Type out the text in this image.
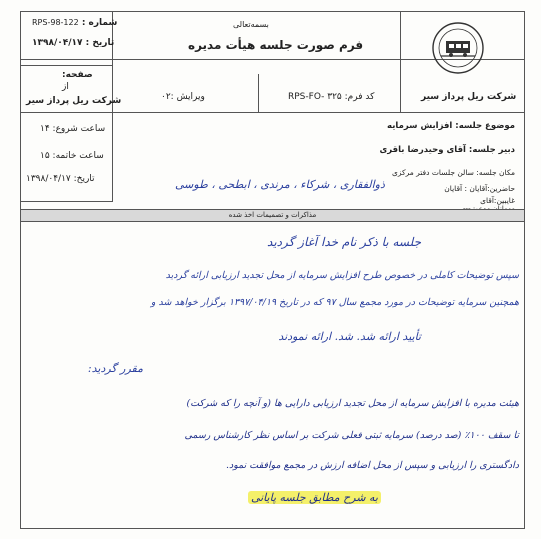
شماره : RPS-98-122
تاریخ : ۱۳۹۸/۰۴/۱۷
صفحه:
از
شرکت ریل پرداز سیر
بسمه‌تعالی
فرم صورت جلسه هیأت مدیره
ویرایش :۰۲	کد فرم: RPS-FO- ۳۲۵	شرکت ریل پرداز سیر
موضوع جلسه: افزایش سرمایه
دبیر جلسه: آقای وحیدرضا باقری
مکان جلسه: سالن جلسات دفتر مرکزی
حاضرین:آقایان : آقایان
غایبین:آقای
ساعت شروع: ۱۴
ساعت خاتمه: ۱۵
تاریخ: ۱۳۹۸/۰۴/۱۷	ذوالفقاری ، شرکاء ، مرندی ، ابطحی ، طوسی
مذاکرات و تصمیمات اخذ شده
جلسه با ذکر نام خدا آغاز گردید
سپس توضیحات کاملی در خصوص طرح افزایش سرمایه از محل تجدید ارزیابی ارائه گردید
همچنین سرمایه توضیحات در مورد مجمع سال ۹۷ که در تاریخ ۱۳۹۷/۰۴/۱۹ برگزار خواهد شد و
تأیید ارائه شد. شد. ارائه نمودند
مقرر گردید:
هیئت مدیره با افزایش سرمایه از محل تجدید ارزیابی دارایی ها (و آنچه را که شرکت)
تا سقف ۱۰۰٪ (صد درصد) سرمایه ثبتی فعلی شرکت بر اساس نظر کارشناس رسمی
دادگستری را ارزیابی و سپس از محل اضافه ارزش در مجمع موافقت نمود.
به شرح مطابق جلسه پایانی
